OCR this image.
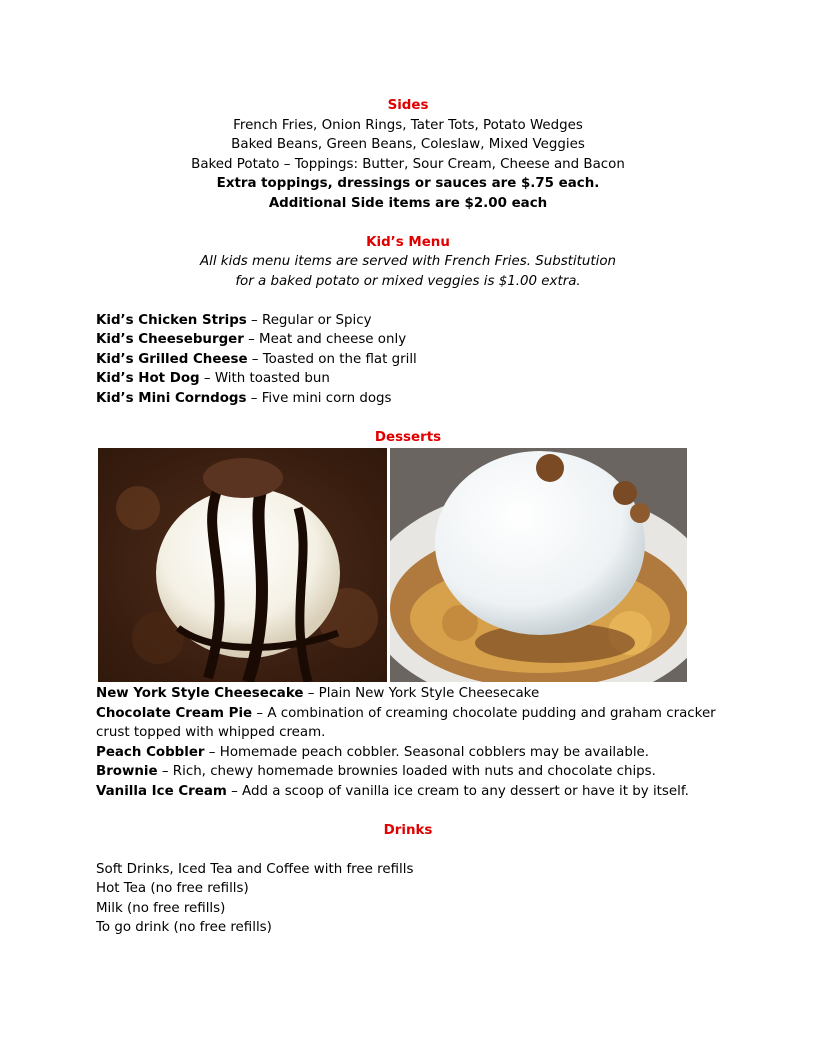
Sides

French Fries, Onion Rings, Tater Tots, Potato Wedges

Baked Beans, Green Beans, Coleslaw, Mixed Veggies

Baked Potato – Toppings: Butter, Sour Cream, Cheese and Bacon

Extra toppings, dressings or sauces are $.75 each.

Additional Side items are $2.00 each

Kid’s Menu

All kids menu items are served with French Fries. Substitution

for a baked potato or mixed veggies is $1.00 extra.

Kid’s Chicken Strips – Regular or Spicy

Kid’s Cheeseburger – Meat and cheese only

Kid’s Grilled Cheese – Toasted on the flat grill

Kid’s Hot Dog – With toasted bun

Kid’s Mini Corndogs – Five mini corn dogs

Desserts

New York Style Cheesecake – Plain New York Style Cheesecake

Chocolate Cream Pie – A combination of creaming chocolate pudding and graham cracker crust topped with whipped cream.

Peach Cobbler – Homemade peach cobbler. Seasonal cobblers may be available.

Brownie – Rich, chewy homemade brownies loaded with nuts and chocolate chips.

Vanilla Ice Cream – Add a scoop of vanilla ice cream to any dessert or have it by itself.

Drinks

Soft Drinks, Iced Tea and Coffee with free refills

Hot Tea (no free refills)

Milk (no free refills)

To go drink (no free refills)
